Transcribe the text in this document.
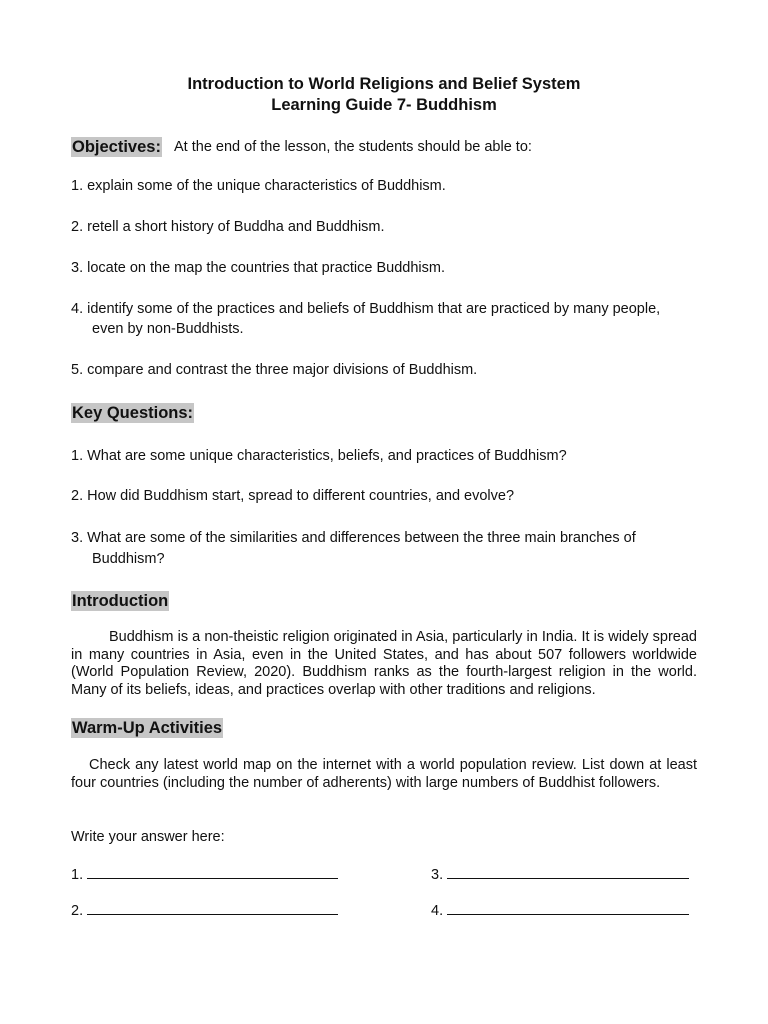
Introduction to World Religions and Belief System
Learning Guide 7- Buddhism
Objectives: At the end of the lesson, the students should be able to:
1. explain some of the unique characteristics of Buddhism.
2. retell a short history of Buddha and Buddhism.
3. locate on the map the countries that practice Buddhism.
4. identify some of the practices and beliefs of Buddhism that are practiced by many people,
even by non-Buddhists.
5. compare and contrast the three major divisions of Buddhism.
Key Questions:
1. What are some unique characteristics, beliefs, and practices of Buddhism?
2. How did Buddhism start, spread to different countries, and evolve?
3. What are some of the similarities and differences between the three main branches of
Buddhism?
Introduction
Buddhism is a non-theistic religion originated in Asia, particularly in India. It is widely spread in many countries in Asia, even in the United States, and has about 507 followers worldwide (World Population Review, 2020). Buddhism ranks as the fourth-largest religion in the world. Many of its beliefs, ideas, and practices overlap with other traditions and religions.
Warm-Up Activities
Check any latest world map on the internet with a world population review. List down at least four countries (including the number of adherents) with large numbers of Buddhist followers.
Write your answer here:
1.	3.
2.	4.
